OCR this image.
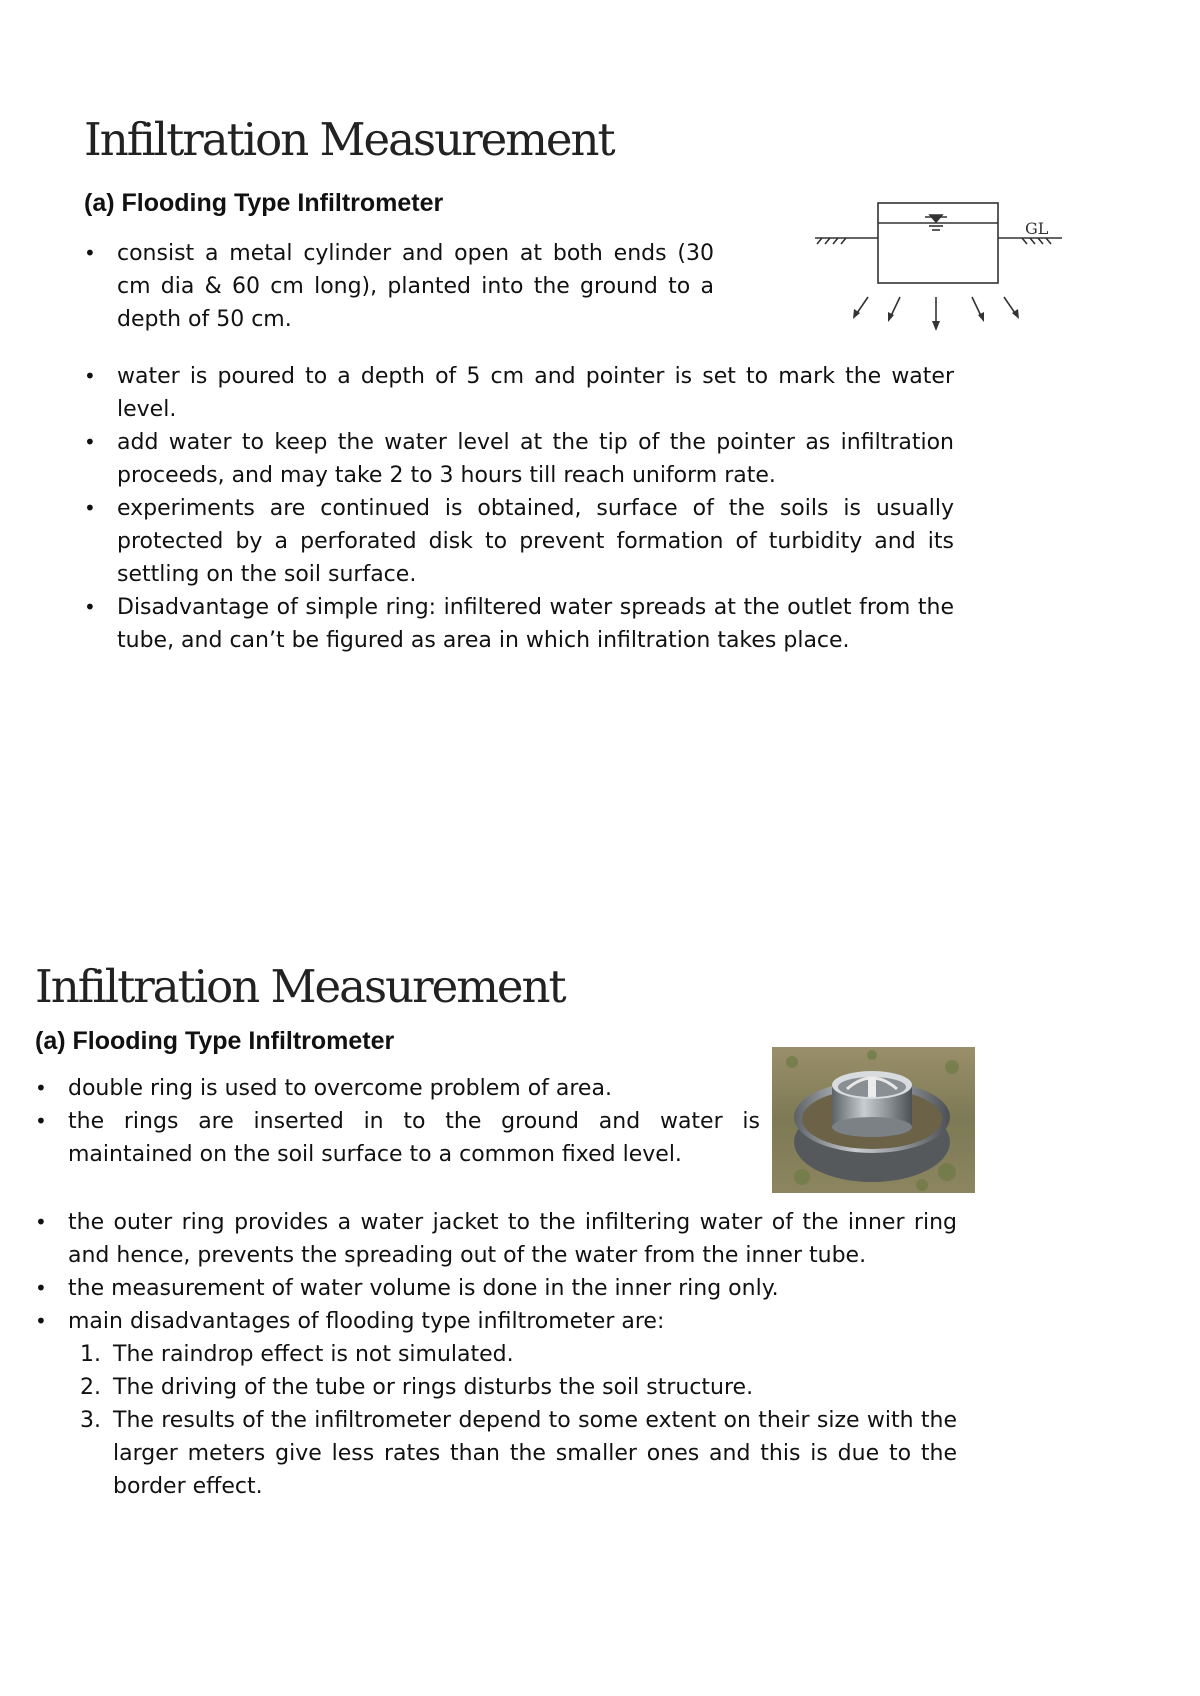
Infiltration Measurement
(a) Flooding Type Infiltrometer
• consist a metal cylinder and open at both ends (30 cm dia & 60 cm long), planted into the ground to a depth of 50 cm.
GL
• water is poured to a depth of 5 cm and pointer is set to mark the water level.
• add water to keep the water level at the tip of the pointer as infiltration proceeds, and may take 2 to 3 hours till reach uniform rate.
• experiments are continued is obtained, surface of the soils is usually protected by a perforated disk to prevent formation of turbidity and its settling on the soil surface.
• Disadvantage of simple ring: infiltered water spreads at the outlet from the tube, and can’t be figured as area in which infiltration takes place.
Infiltration Measurement
(a) Flooding Type Infiltrometer
• double ring is used to overcome problem of area.
• the rings are inserted in to the ground and water is maintained on the soil surface to a common fixed level.
• the outer ring provides a water jacket to the infiltering water of the inner ring and hence, prevents the spreading out of the water from the inner tube.
• the measurement of water volume is done in the inner ring only.
• main disadvantages of flooding type infiltrometer are:
1. The raindrop effect is not simulated.
2. The driving of the tube or rings disturbs the soil structure.
3. The results of the infiltrometer depend to some extent on their size with the larger meters give less rates than the smaller ones and this is due to the border effect.
